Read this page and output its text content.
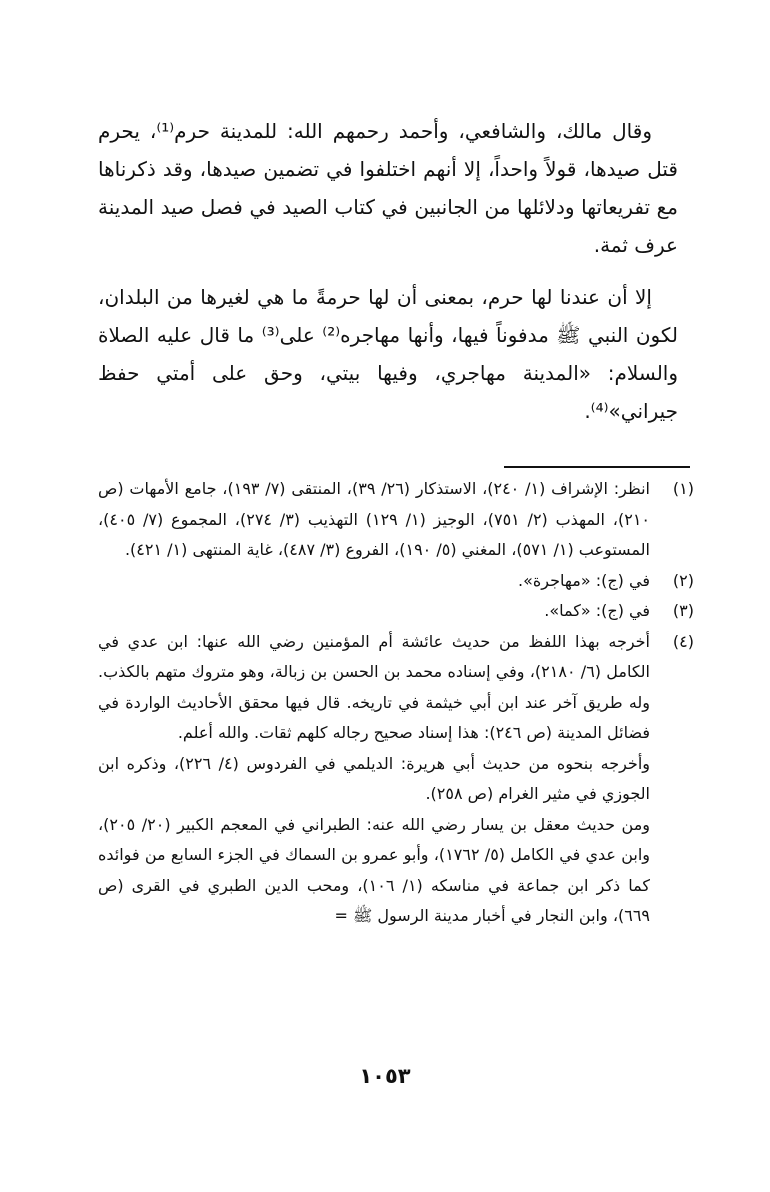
وقال مالك، والشافعي، وأحمد رحمهم الله: للمدينة حرم⁽¹⁾، يحرم قتل صيدها، قولاً واحداً، إلا أنهم اختلفوا في تضمين صيدها، وقد ذكرناها مع تفريعاتها ودلائلها من الجانبين في كتاب الصيد في فصل صيد المدينة عرف ثمة.

إلا أن عندنا لها حرم، بمعنى أن لها حرمةً ما هي لغيرها من البلدان، لكون النبي ﷺ مدفوناً فيها، وأنها مهاجره⁽²⁾ على⁽³⁾ ما قال عليه الصلاة والسلام: «المدينة مهاجري، وفيها بيتي، وحق على أمتي حفظ جيراني»⁽⁴⁾.

(١)
انظر: الإشراف (١/ ٢٤٠)، الاستذكار (٢٦/ ٣٩)، المنتقى (٧/ ١٩٣)، جامع الأمهات (ص ٢١٠)، المهذب (٢/ ٧٥١)، الوجيز (١/ ١٢٩) التهذيب (٣/ ٢٧٤)، المجموع (٧/ ٤٠٥)، المستوعب (١/ ٥٧١)، المغني (٥/ ١٩٠)، الفروع (٣/ ٤٨٧)، غاية المنتهى (١/ ٤٢١).
(٢)
في (ج): «مهاجرة».
(٣)
في (ج): «كما».
(٤)
أخرجه بهذا اللفظ من حديث عائشة أم المؤمنين رضي الله عنها: ابن عدي في الكامل (٦/ ٢١٨٠)، وفي إسناده محمد بن الحسن بن زبالة، وهو متروك متهم بالكذب. وله طريق آخر عند ابن أبي خيثمة في تاريخه. قال فيها محقق الأحاديث الواردة في فضائل المدينة (ص ٢٤٦): هذا إسناد صحيح رجاله كلهم ثقات. والله أعلم.

وأخرجه بنحوه من حديث أبي هريرة: الديلمي في الفردوس (٤/ ٢٢٦)، وذكره ابن الجوزي في مثير الغرام (ص ٢٥٨).

ومن حديث معقل بن يسار رضي الله عنه: الطبراني في المعجم الكبير (٢٠/ ٢٠٥)، وابن عدي في الكامل (٥/ ١٧٦٢)، وأبو عمرو بن السماك في الجزء السابع من فوائده كما ذكر ابن جماعة في مناسكه (١/ ١٠٦)، ومحب الدين الطبري في القرى (ص ٦٦٩)، وابن النجار في أخبار مدينة الرسول ﷺ =

١٠٥٣
